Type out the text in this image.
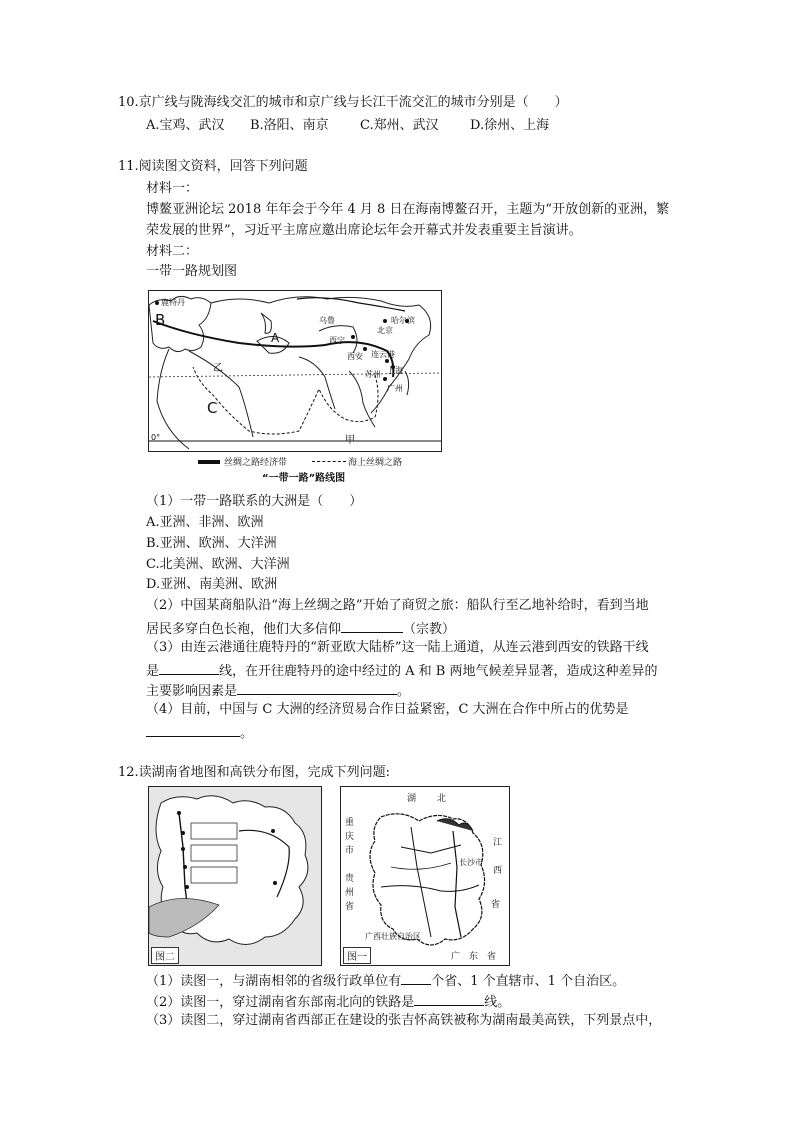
10.京广线与陇海线交汇的城市和京广线与长江干流交汇的城市分别是（　　）
A.宝鸡、武汉 B.洛阳、南京 C.郑州、武汉 D.徐州、上海
11.阅读图文资料，回答下列问题
材料一：
博鳌亚洲论坛 2018 年年会于今年 4 月 8 日在海南博鳌召开，主题为“开放创新的亚洲，繁
荣发展的世界”，习近平主席应邀出席论坛年会开幕式并发表重要主旨演讲。
材料二：
一带一路规划图
鹿特丹
哈尔滨
北京
乌鲁
西宁
西安 连云港
上海
苏州
广州
A
B
C
乙
甲
0°
丝绸之路经济带	海上丝绸之路
“一带一路”路线图
（1）一带一路联系的大洲是（　　）
A.亚洲、非洲、欧洲
B.亚洲、欧洲、大洋洲
C.北美洲、欧洲、大洋洲
D.亚洲、南美洲、欧洲
（2）中国某商船队沿“海上丝绸之路”开始了商贸之旅：船队行至乙地补给时，看到当地
居民多穿白色长袍，他们大多信仰	（宗教）
（3）由连云港通往鹿特丹的“新亚欧大陆桥”这一陆上通道，从连云港到西安的铁路干线
是	线，在开往鹿特丹的途中经过的 A 和 B 两地气候差异显著，造成这种差异的
主要影响因素是	。
（4）目前，中国与 C 大洲的经济贸易合作日益紧密，C 大洲在合作中所占的优势是
。
12.读湖南省地图和高铁分布图，完成下列问题:
图二
湖 北
重
庆
市
贵
州
省
江
西
省
长沙市
广西壮族自治区
广　东　省
图一
（1）读图一，与湖南相邻的省级行政单位有 个省、1 个直辖市、1 个自治区。
（2）读图一，穿过湖南省东部南北向的铁路是	线。
（3）读图二，穿过湖南省西部正在建设的张吉怀高铁被称为湖南最美高铁，下列景点中，
